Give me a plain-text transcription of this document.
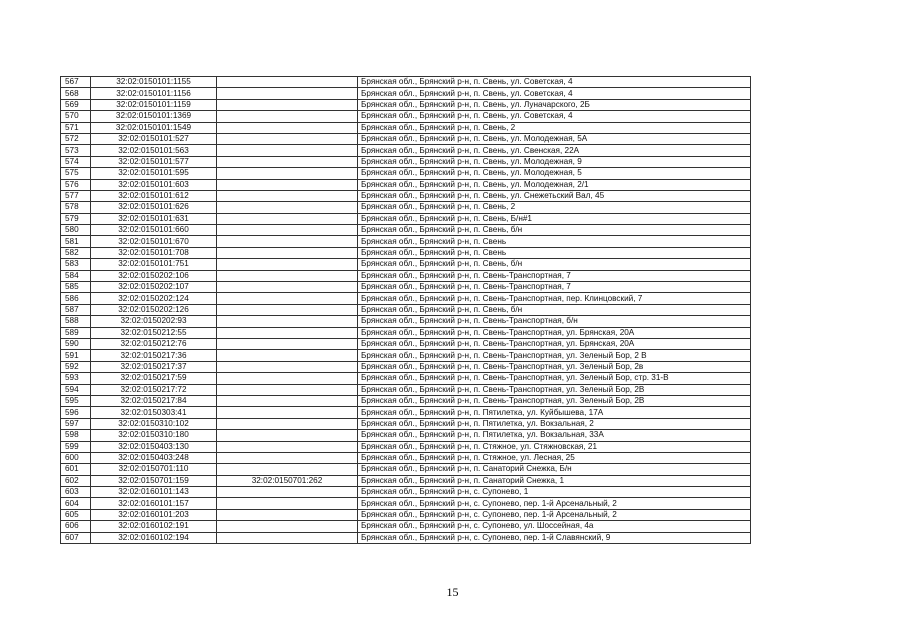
567	32:02:0150101:1155		Брянская обл., Брянский р-н, п. Свень, ул. Советская, 4
568	32:02:0150101:1156		Брянская обл., Брянский р-н, п. Свень, ул. Советская, 4
569	32:02:0150101:1159		Брянская обл., Брянский р-н, п. Свень, ул. Луначарского, 2Б
570	32:02:0150101:1369		Брянская обл., Брянский р-н, п. Свень, ул. Советская, 4
571	32:02:0150101:1549		Брянская обл., Брянский р-н, п. Свень, 2
572	32:02:0150101:527		Брянская обл., Брянский р-н, п. Свень, ул. Молодежная, 5А
573	32:02:0150101:563		Брянская обл., Брянский р-н, п. Свень, ул. Свенская, 22А
574	32:02:0150101:577		Брянская обл., Брянский р-н, п. Свень, ул. Молодежная, 9
575	32:02:0150101:595		Брянская обл., Брянский р-н, п. Свень, ул. Молодежная, 5
576	32:02:0150101:603		Брянская обл., Брянский р-н, п. Свень, ул. Молодежная, 2/1
577	32:02:0150101:612		Брянская обл., Брянский р-н, п. Свень, ул. Снежетьский Вал, 45
578	32:02:0150101:626		Брянская обл., Брянский р-н, п. Свень, 2
579	32:02:0150101:631		Брянская обл., Брянский р-н, п. Свень, Б/н#1
580	32:02:0150101:660		Брянская обл., Брянский р-н, п. Свень, б/н
581	32:02:0150101:670		Брянская обл., Брянский р-н, п. Свень
582	32:02:0150101:708		Брянская обл., Брянский р-н, п. Свень
583	32:02:0150101:751		Брянская обл., Брянский р-н, п. Свень, б/н
584	32:02:0150202:106		Брянская обл., Брянский р-н, п. Свень-Транспортная, 7
585	32:02:0150202:107		Брянская обл., Брянский р-н, п. Свень-Транспортная, 7
586	32:02:0150202:124		Брянская обл., Брянский р-н, п. Свень-Транспортная, пер. Клинцовский, 7
587	32:02:0150202:126		Брянская обл., Брянский р-н, п. Свень, б/н
588	32:02:0150202:93		Брянская обл., Брянский р-н, п. Свень-Транспортная, б/н
589	32:02:0150212:55		Брянская обл., Брянский р-н, п. Свень-Транспортная, ул. Брянская, 20А
590	32:02:0150212:76		Брянская обл., Брянский р-н, п. Свень-Транспортная, ул. Брянская, 20А
591	32:02:0150217:36		Брянская обл., Брянский р-н, п. Свень-Транспортная, ул. Зеленый Бор, 2 В
592	32:02:0150217:37		Брянская обл., Брянский р-н, п. Свень-Транспортная, ул. Зеленый Бор, 2в
593	32:02:0150217:59		Брянская обл., Брянский р-н, п. Свень-Транспортная, ул. Зеленый Бор, стр. 31-В
594	32:02:0150217:72		Брянская обл., Брянский р-н, п. Свень-Транспортная, ул. Зеленый Бор, 2В
595	32:02:0150217:84		Брянская обл., Брянский р-н, п. Свень-Транспортная, ул. Зеленый Бор, 2В
596	32:02:0150303:41		Брянская обл., Брянский р-н, п. Пятилетка, ул. Куйбышева, 17А
597	32:02:0150310:102		Брянская обл., Брянский р-н, п. Пятилетка, ул. Вокзальная, 2
598	32:02:0150310:180		Брянская обл., Брянский р-н, п. Пятилетка, ул. Вокзальная, 33А
599	32:02:0150403:130		Брянская обл., Брянский р-н, п. Стяжное, ул. Стяжновская, 21
600	32:02:0150403:248		Брянская обл., Брянский р-н, п. Стяжное, ул. Лесная, 25
601	32:02:0150701:110		Брянская обл., Брянский р-н, п. Санаторий Снежка, Б/н
602	32:02:0150701:159	32:02:0150701:262	Брянская обл., Брянский р-н, п. Санаторий Снежка, 1
603	32:02:0160101:143		Брянская обл., Брянский р-н, с. Супонево, 1
604	32:02:0160101:157		Брянская обл., Брянский р-н, с. Супонево, пер. 1-й Арсенальный, 2
605	32:02:0160101:203		Брянская обл., Брянский р-н, с. Супонево, пер. 1-й Арсенальный, 2
606	32:02:0160102:191		Брянская обл., Брянский р-н, с. Супонево, ул. Шоссейная, 4а
607	32:02:0160102:194		Брянская обл., Брянский р-н, с. Супонево, пер. 1-й Славянский, 9
15
